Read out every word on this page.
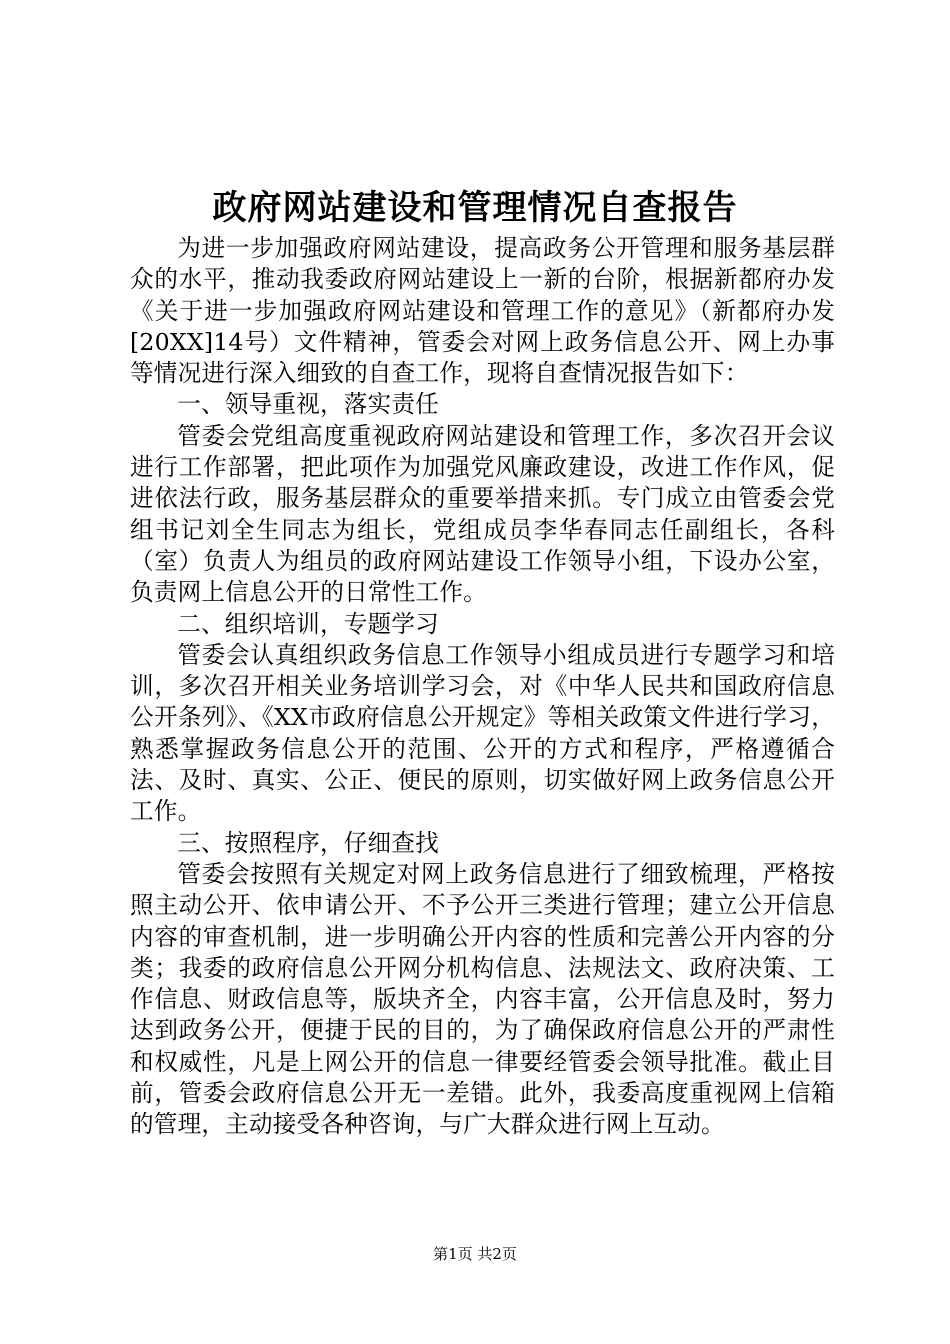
政府网站建设和管理情况自查报告

为进一步加强政府网站建设，提高政务公开管理和服务基层群众的水平，推动我委政府网站建设上一新的台阶，根据新都府办发《关于进一步加强政府网站建设和管理工作的意见》（新都府办发[20XX]14号）文件精神，管委会对网上政务信息公开、网上办事等情况进行深入细致的自查工作，现将自查情况报告如下：

一、领导重视，落实责任

管委会党组高度重视政府网站建设和管理工作，多次召开会议进行工作部署，把此项作为加强党风廉政建设，改进工作作风，促进依法行政，服务基层群众的重要举措来抓。专门成立由管委会党组书记刘全生同志为组长，党组成员李华春同志任副组长，各科（室）负责人为组员的政府网站建设工作领导小组，下设办公室，负责网上信息公开的日常性工作。

二、组织培训，专题学习

管委会认真组织政务信息工作领导小组成员进行专题学习和培训，多次召开相关业务培训学习会，对《中华人民共和国政府信息公开条列》、《XX市政府信息公开规定》等相关政策文件进行学习，熟悉掌握政务信息公开的范围、公开的方式和程序，严格遵循合法、及时、真实、公正、便民的原则，切实做好网上政务信息公开工作。

三、按照程序，仔细查找

管委会按照有关规定对网上政务信息进行了细致梳理，严格按照主动公开、依申请公开、不予公开三类进行管理；建立公开信息内容的审查机制，进一步明确公开内容的性质和完善公开内容的分类；我委的政府信息公开网分机构信息、法规法文、政府决策、工作信息、财政信息等，版块齐全，内容丰富，公开信息及时，努力达到政务公开，便捷于民的目的，为了确保政府信息公开的严肃性和权威性，凡是上网公开的信息一律要经管委会领导批准。截止目前，管委会政府信息公开无一差错。此外，我委高度重视网上信箱的管理，主动接受各种咨询，与广大群众进行网上互动。

第1页 共2页
